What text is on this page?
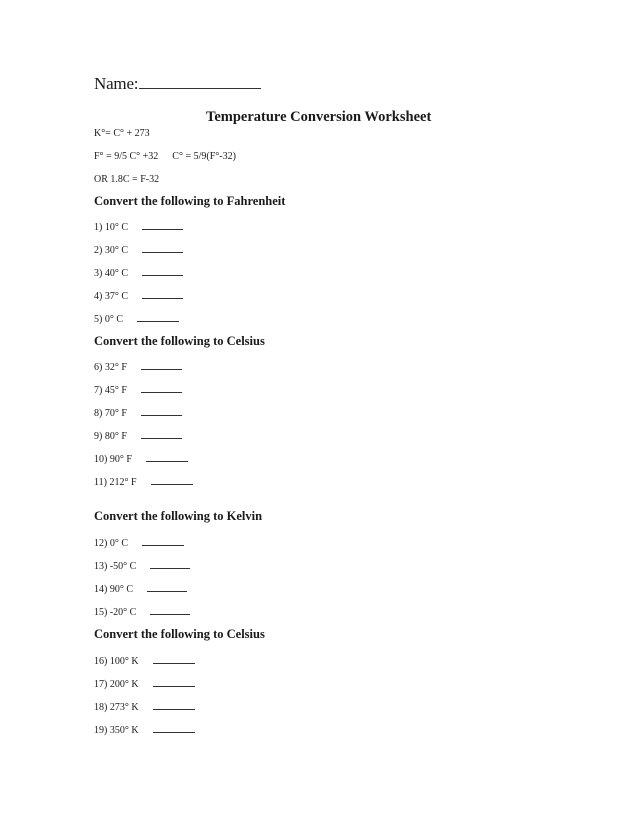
Name:
Temperature Conversion Worksheet
K°= C° + 273
F° = 9/5 C° +32 C° = 5/9(F°-32)
OR 1.8C = F-32
Convert the following to Fahrenheit
1) 10° C
2) 30° C
3) 40° C
4) 37° C
5) 0° C
Convert the following to Celsius
6) 32° F
7) 45° F
8) 70° F
9) 80° F
10) 90° F
11) 212° F
Convert the following to Kelvin
12) 0° C
13) -50° C
14) 90° C
15) -20° C
Convert the following to Celsius
16) 100° K
17) 200° K
18) 273° K
19) 350° K
